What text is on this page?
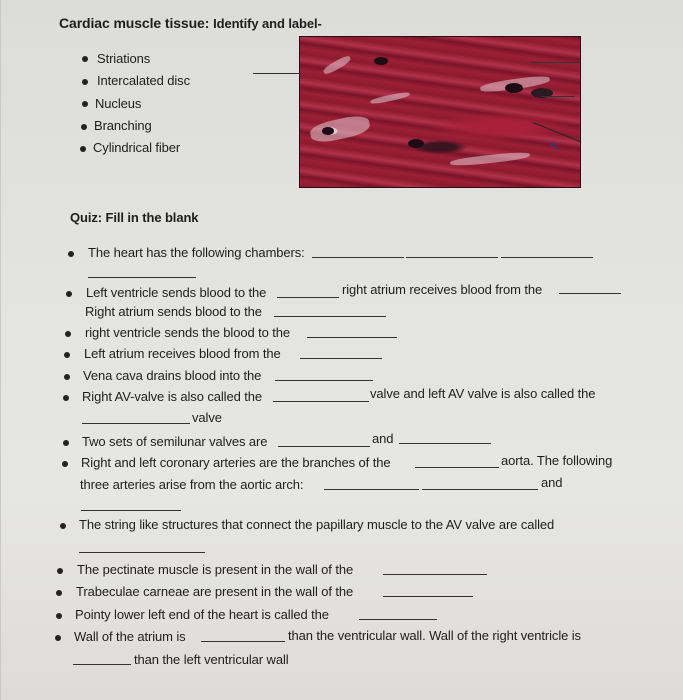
Cardiac muscle tissue: Identify and label-
Striations
Intercalated disc
Nucleus
Branching
Cylindrical fiber	↖
Quiz: Fill in the blank
The heart has the following chambers:
Left ventricle sends blood to the	right atrium receives blood from the
Right atrium sends blood to the
right ventricle sends the blood to the
Left atrium receives blood from the
Vena cava drains blood into the
Right AV-valve is also called the	valve and left AV valve is also called the
valve
Two sets of semilunar valves are	and
Right and left coronary arteries are the branches of the	aorta. The following
three arteries arise from the aortic arch:	and
The string like structures that connect the papillary muscle to the AV valve are called
The pectinate muscle is present in the wall of the
Trabeculae carneae are present in the wall of the
Pointy lower left end of the heart is called the
Wall of the atrium is	than the ventricular wall. Wall of the right ventricle is
than the left ventricular wall
